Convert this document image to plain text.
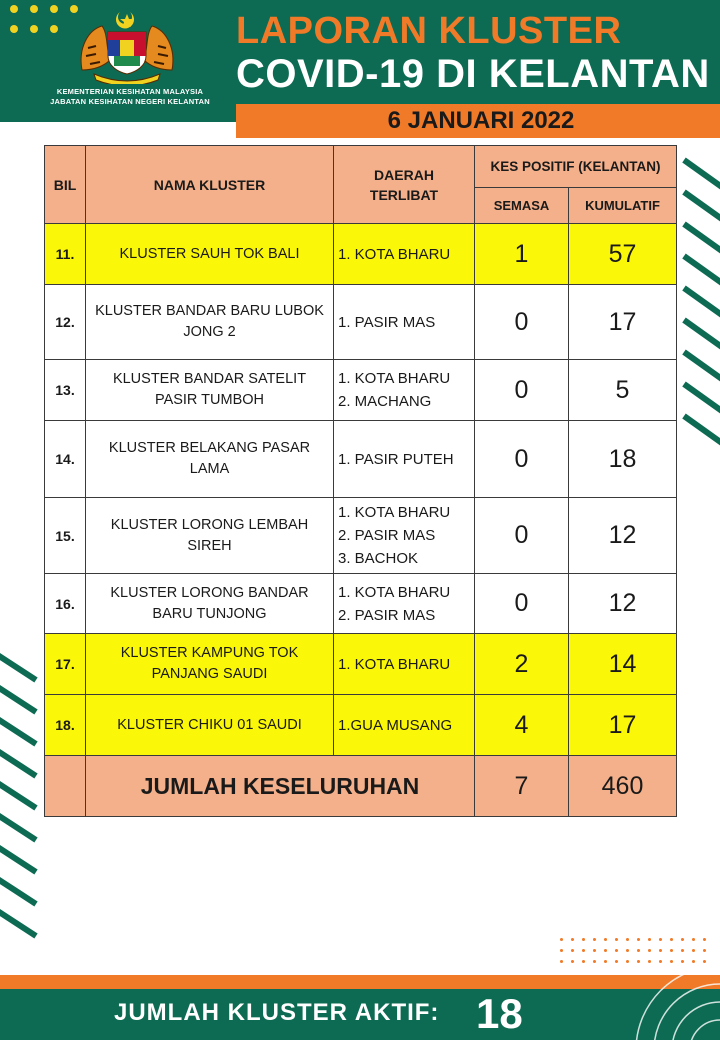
KEMENTERIAN KESIHATAN MALAYSIA
JABATAN KESIHATAN NEGERI KELANTAN
LAPORAN KLUSTER
COVID-19 DI KELANTAN
6 JANUARI 2022
BIL	NAMA KLUSTER	DAERAH TERLIBAT	KES POSITIF (KELANTAN)	
			SEMASA	KUMULATIF
11.	KLUSTER SAUH TOK BALI	1. KOTA BHARU	1	57
12.	KLUSTER BANDAR BARU LUBOK JONG 2	1. PASIR MAS	0	17
13.	KLUSTER BANDAR SATELIT PASIR TUMBOH	1. KOTA BHARU
2. MACHANG	0	5
14.	KLUSTER BELAKANG PASAR LAMA	1. PASIR PUTEH	0	18
15.	KLUSTER LORONG LEMBAH SIREH	1. KOTA BHARU
2. PASIR MAS
3. BACHOK	0	12
16.	KLUSTER LORONG BANDAR BARU TUNJONG	1. KOTA BHARU
2. PASIR MAS	0	12
17.	KLUSTER KAMPUNG TOK PANJANG SAUDI	1. KOTA BHARU	2	14
18.	KLUSTER CHIKU 01 SAUDI	1.GUA MUSANG	4	17
	JUMLAH KESELURUHAN		7	460
JUMLAH KLUSTER AKTIF: 18
